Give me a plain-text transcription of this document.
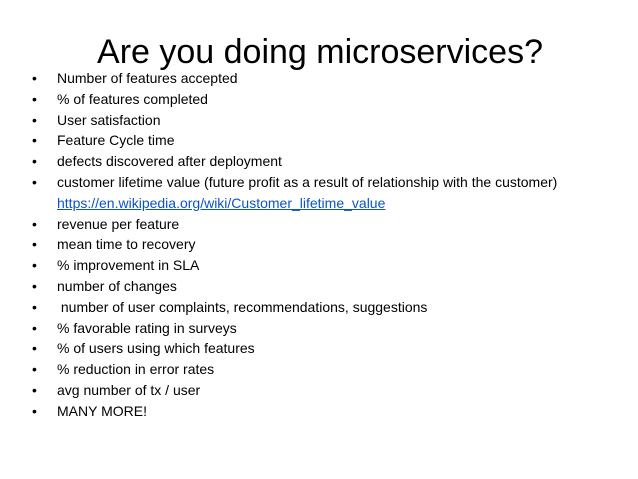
Are you doing microservices?
• Number of features accepted
• % of features completed
• User satisfaction
• Feature Cycle time
• defects discovered after deployment
• customer lifetime value (future profit as a result of relationship with the customer) https://en.wikipedia.org/wiki/Customer_lifetime_value
• revenue per feature
• mean time to recovery
• % improvement in SLA
• number of changes
• number of user complaints, recommendations, suggestions
• % favorable rating in surveys
• % of users using which features
• % reduction in error rates
• avg number of tx / user
• MANY MORE!
